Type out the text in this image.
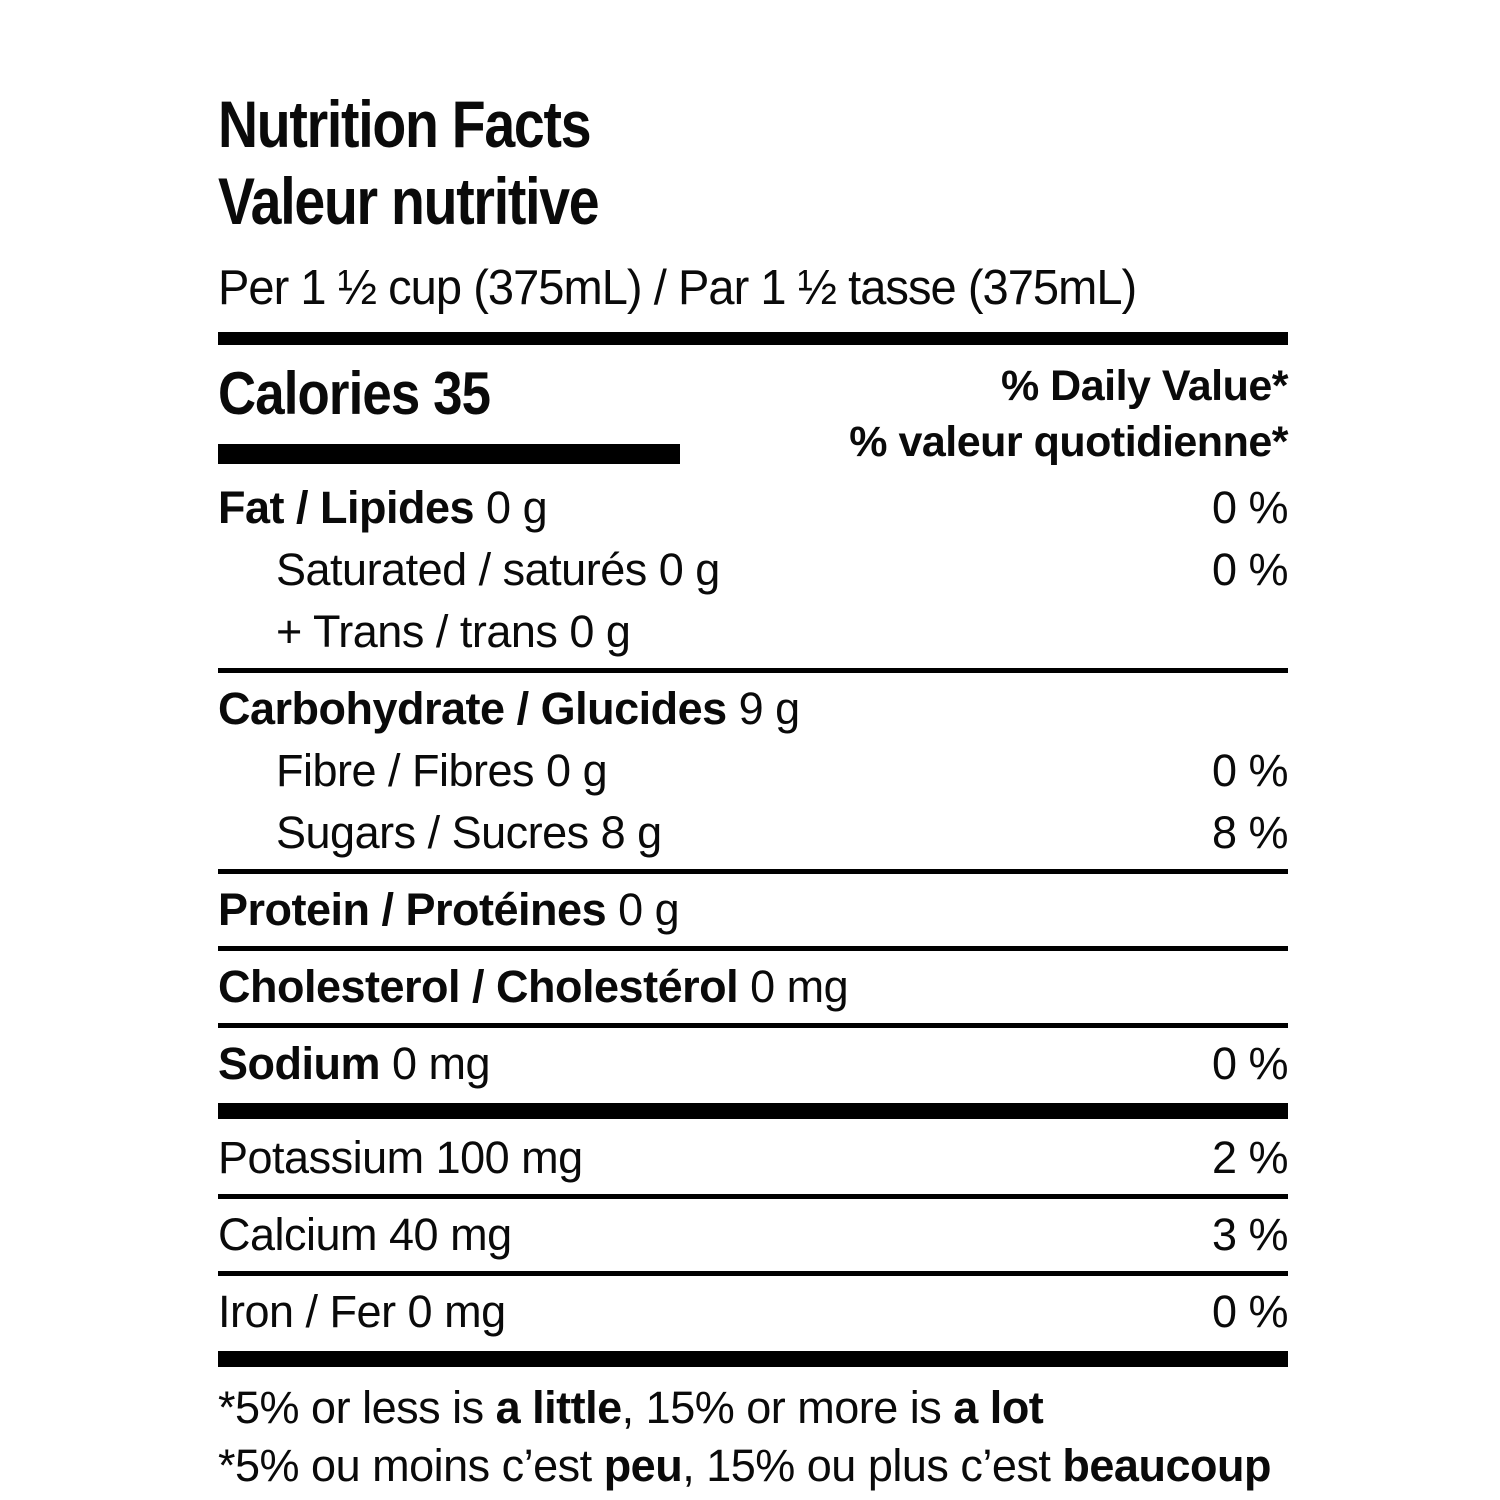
Nutrition Facts
Valeur nutritive
Per 1 ½ cup (375mL) / Par 1 ½ tasse (375mL)
Calories 35	% Daily Value*
% valeur quotidienne*
Fat / Lipides 0 g	0 %
Saturated / saturés 0 g	0 %
+ Trans / trans 0 g
Carbohydrate / Glucides 9 g
Fibre / Fibres 0 g	0 %
Sugars / Sucres 8 g	8 %
Protein / Protéines 0 g
Cholesterol / Cholestérol 0 mg
Sodium 0 mg	0 %
Potassium 100 mg	2 %
Calcium 40 mg	3 %
Iron / Fer 0 mg	0 %
*5% or less is a little, 15% or more is a lot
*5% ou moins c’est peu, 15% ou plus c’est beaucoup
